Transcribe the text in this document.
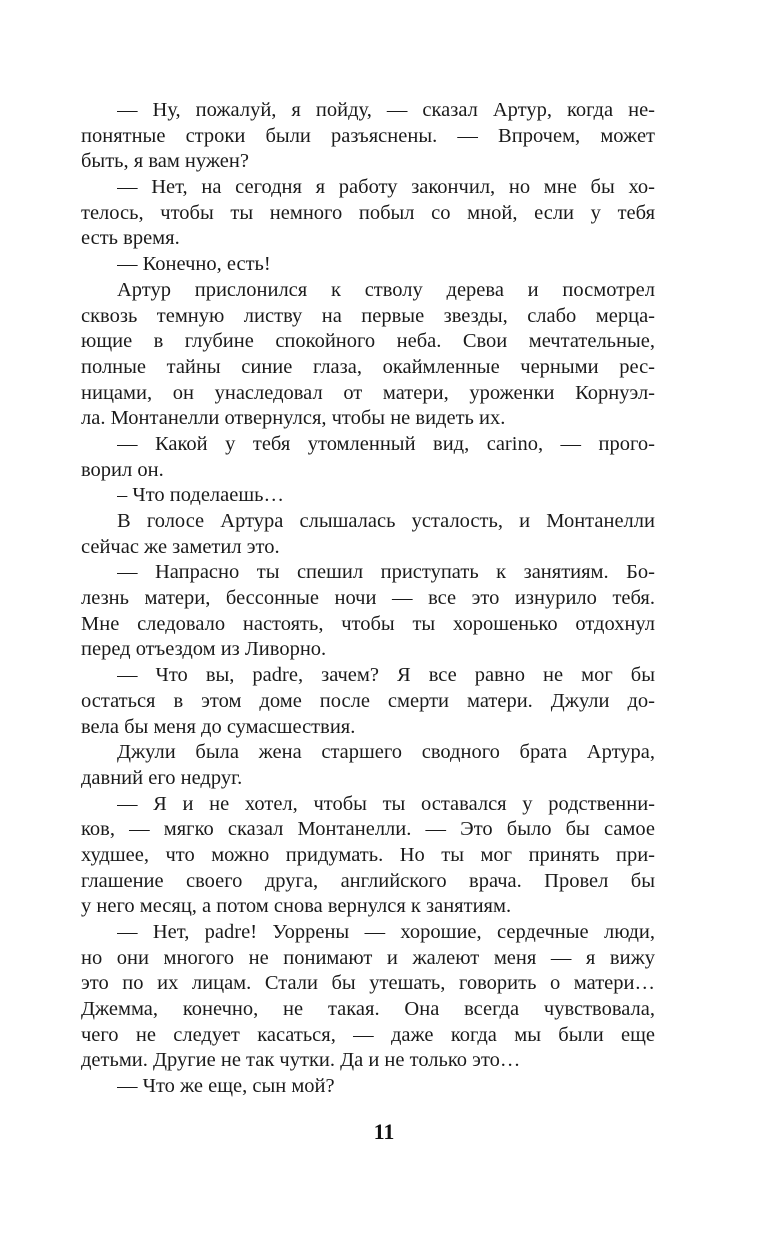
— Ну, пожалуй, я пойду, — сказал Артур, когда не-
понятные строки были разъяснены. — Впрочем, может
быть, я вам нужен?
— Нет, на сегодня я работу закончил, но мне бы хо-
телось, чтобы ты немного побыл со мной, если у тебя
есть время.
— Конечно, есть!
Артур прислонился к стволу дерева и посмотрел
сквозь темную листву на первые звезды, слабо мерца-
ющие в глубине спокойного неба. Свои мечтательные,
полные тайны синие глаза, окаймленные черными рес-
ницами, он унаследовал от матери, уроженки Корнуэл-
ла. Монтанелли отвернулся, чтобы не видеть их.
— Какой у тебя утомленный вид, carino, — прого-
ворил он.
– Что поделаешь…
В голосе Артура слышалась усталость, и Монтанелли
сейчас же заметил это.
— Напрасно ты спешил приступать к занятиям. Бо-
лезнь матери, бессонные ночи — все это изнурило тебя.
Мне следовало настоять, чтобы ты хорошенько отдохнул
перед отъездом из Ливорно.
— Что вы, padre, зачем? Я все равно не мог бы
остаться в этом доме после смерти матери. Джули до-
вела бы меня до сумасшествия.
Джули была жена старшего сводного брата Артура,
давний его недруг.
— Я и не хотел, чтобы ты оставался у родственни-
ков, — мягко сказал Монтанелли. — Это было бы самое
худшее, что можно придумать. Но ты мог принять при-
глашение своего друга, английского врача. Провел бы
у него месяц, а потом снова вернулся к занятиям.
— Нет, padre! Уоррены — хорошие, сердечные люди,
но они многого не понимают и жалеют меня — я вижу
это по их лицам. Стали бы утешать, говорить о матери…
Джемма, конечно, не такая. Она всегда чувствовала,
чего не следует касаться, — даже когда мы были еще
детьми. Другие не так чутки. Да и не только это…
— Что же еще, сын мой?
11
